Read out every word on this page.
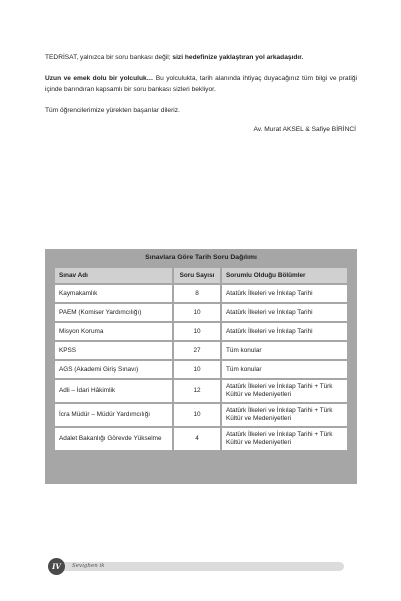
TEDRİSAT, yalnızca bir soru bankası değil; sizi hedefinize yaklaştıran yol arkadaşıdır.
Uzun ve emek dolu bir yolculuk… Bu yolculukta, tarih alanında ihtiyaç duyacağınız tüm bilgi ve pratiği içinde barındıran kapsamlı bir soru bankası sizleri bekliyor.
Tüm öğrencilerimize yürekten başarılar dileriz.
Av. Murat AKSEL & Safiye BİRİNCİ
Sınavlara Göre Tarih Soru Dağılımı
Sınav Adı	Soru Sayısı	Sorumlu Olduğu Bölümler
Kaymakamlık	8	Atatürk İlkeleri ve İnkılap Tarihi
PAEM (Komiser Yardımcılığı)	10	Atatürk İlkeleri ve İnkılap Tarihi
Misyon Koruma	10	Atatürk İlkeleri ve İnkılap Tarihi
KPSS	27	Tüm konular
AGS (Akademi Giriş Sınavı)	10	Tüm konular
Adli – İdari Hâkimlik	12	Atatürk İlkeleri ve İnkılap Tarihi + Türk Kültür ve Medeniyetleri
İcra Müdür – Müdür Yardımcılığı	10	Atatürk İlkeleri ve İnkılap Tarihi + Türk Kültür ve Medeniyetleri
Adalet Bakanlığı Görevde Yükselme	4	Atatürk İlkeleri ve İnkılap Tarihi + Türk Kültür ve Medeniyetleri
IV	Sevi̇ghen ik
